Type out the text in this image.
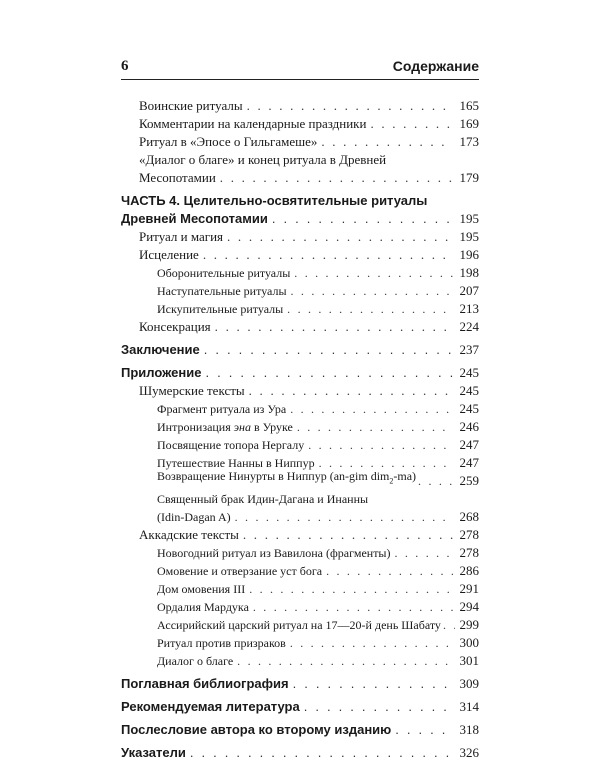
6	Содержание
Воинские ритуалы . . .	165
Комментарии на календарные праздники . . .	169
Ритуал в «Эпосе о Гильгамеше» . . .	173
«Диалог о благе» и конец ритуала в Древней
Месопотамии . . .	179
ЧАСТЬ 4. Целительно-освятительные ритуалы
Древней Месопотамии . . .	195
Ритуал и магия . . .	195
Исцеление . . .	196
Оборонительные ритуалы . . .	198
Наступательные ритуалы . . .	207
Искупительные ритуалы . . .	213
Консекрация . . .	224
Заключение . . .	237
Приложение . . .	245
Шумерские тексты . . .	245
Фрагмент ритуала из Ура . . .	245
Интронизация эна в Уруке . . .	246
Посвящение топора Нергалу . . .	247
Путешествие Нанны в Ниппур . . .	247
Возвращение Нинурты в Ниппур (an-gim dim$_2$-ma) . . .	259
Священный брак Идин-Дагана и Инанны
(Idin-Dagan A) . . .	268
Аккадские тексты . . .	278
Новогодний ритуал из Вавилона (фрагменты) . . .	278
Омовение и отверзание уст бога . . .	286
Дом омовения III . . .	291
Ордалия Мардука . . .	294
Ассирийский царский ритуал на 17—20-й день Шабату . . . 299
Ритуал против призраков . . .	300
Диалог о благе . . .	301
Поглавная библиография . . .	309
Рекомендуемая литература . . .	314
Послесловие автора ко второму изданию . . .	318
Указатели . . .	326
